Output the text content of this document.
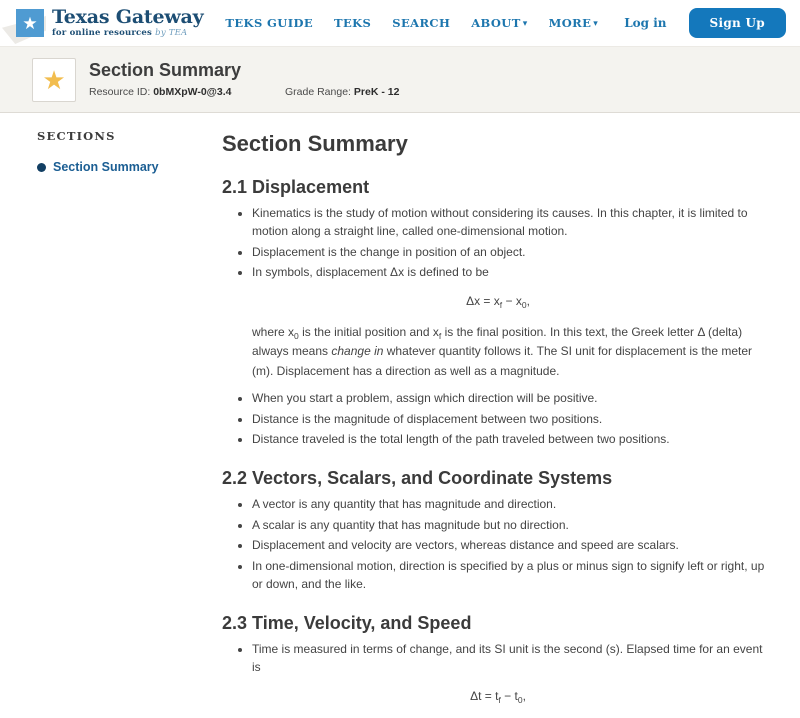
★ Texas Gateway
for online resources by TEA
TEKS GUIDE TEKS SEARCH ABOUT ▾ MORE ▾ Log in	Sign Up
★ Section Summary
Resource ID: 0bMXpW-0@3.4	Grade Range: PreK - 12
SECTIONS
Section Summary
Section Summary
2.1 Displacement
• Kinematics is the study of motion without considering its causes. In this chapter, it is limited to motion along a straight line, called one-dimensional motion.
• Displacement is the change in position of an object.
• In symbols, displacement Δx is defined to be
$\Delta x = x_f - x_0$,
where $x_0$ is the initial position and $x_f$ is the final position. In this text, the Greek letter Δ (delta) always means change in whatever quantity follows it. The SI unit for displacement is the meter (m). Displacement has a direction as well as a magnitude.
• When you start a problem, assign which direction will be positive.
• Distance is the magnitude of displacement between two positions.
• Distance traveled is the total length of the path traveled between two positions.
2.2 Vectors, Scalars, and Coordinate Systems
• A vector is any quantity that has magnitude and direction.
• A scalar is any quantity that has magnitude but no direction.
• Displacement and velocity are vectors, whereas distance and speed are scalars.
• In one-dimensional motion, direction is specified by a plus or minus sign to signify left or right, up or down, and the like.
2.3 Time, Velocity, and Speed
• Time is measured in terms of change, and its SI unit is the second (s). Elapsed time for an event is
$\Delta t = t_f - t_0$,
